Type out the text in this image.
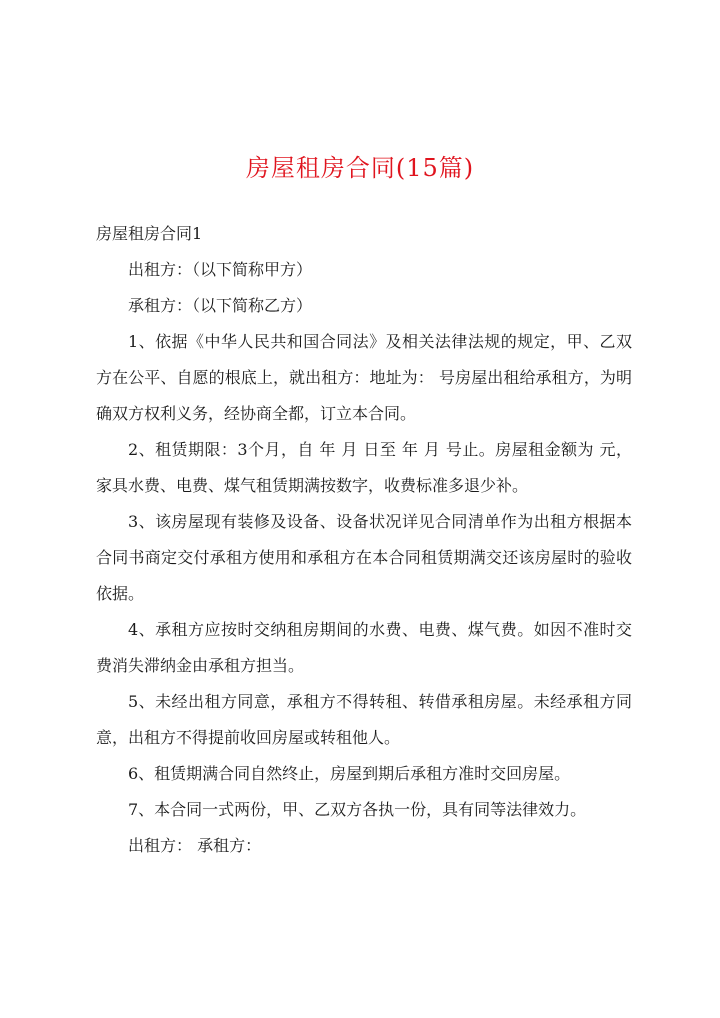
房屋租房合同(15篇)

房屋租房合同1

出租方：（以下简称甲方）

承租方：（以下简称乙方）

1、依据《中华人民共和国合同法》及相关法律法规的规定，甲、乙双方在公平、自愿的根底上，就出租方：地址为： 号房屋出租给承租方，为明确双方权利义务，经协商全都，订立本合同。

2、租赁期限：3个月，自 年 月 日至 年 月 号止。房屋租金额为 元， 家具水费、电费、煤气租赁期满按数字，收费标准多退少补。

3、该房屋现有装修及设备、设备状况详见合同清单作为出租方根据本合同书商定交付承租方使用和承租方在本合同租赁期满交还该房屋时的验收依据。

4、承租方应按时交纳租房期间的水费、电费、煤气费。如因不准时交费消失滞纳金由承租方担当。

5、未经出租方同意，承租方不得转租、转借承租房屋。未经承租方同意，出租方不得提前收回房屋或转租他人。

6、租赁期满合同自然终止，房屋到期后承租方准时交回房屋。

7、本合同一式两份，甲、乙双方各执一份，具有同等法律效力。

出租方： 承租方：
